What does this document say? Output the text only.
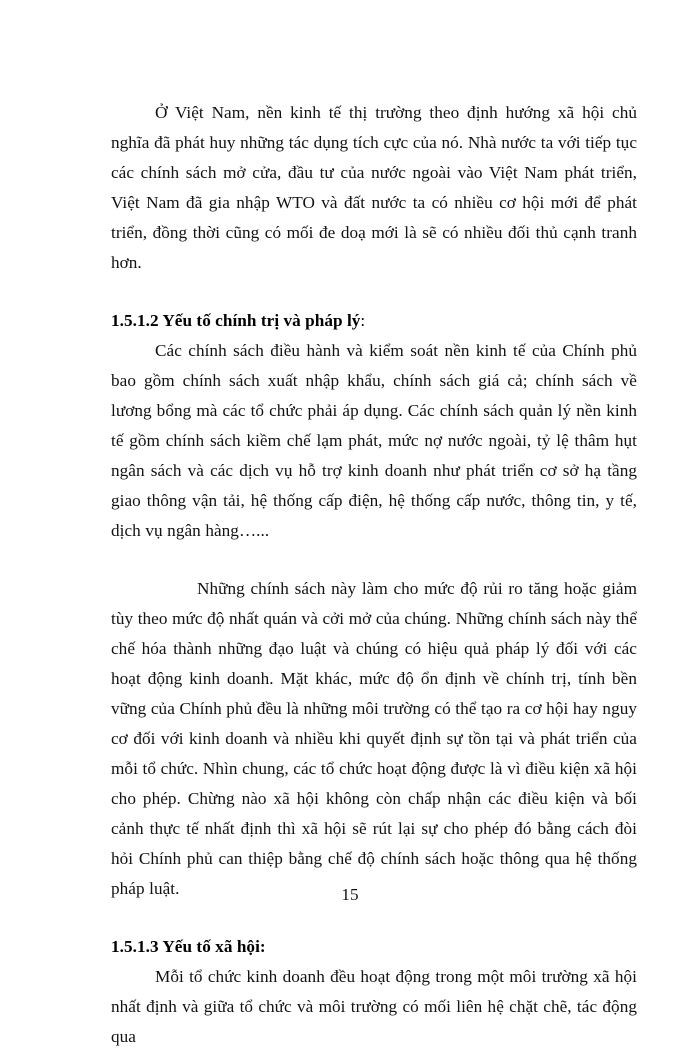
Ở Việt Nam, nền kinh tế thị trường theo định hướng xã hội chủ nghĩa đã phát huy những tác dụng tích cực của nó. Nhà nước ta với tiếp tục các chính sách mở cửa, đầu tư của nước ngoài vào Việt Nam phát triển, Việt Nam đã gia nhập WTO và đất nước ta có nhiều cơ hội mới để phát triển, đồng thời cũng có mối đe doạ mới là sẽ có nhiều đối thủ cạnh tranh hơn.

1.5.1.2 Yếu tố chính trị và pháp lý:

Các chính sách điều hành và kiểm soát nền kinh tế của Chính phủ bao gồm chính sách xuất nhập khẩu, chính sách giá cả; chính sách về lương bổng mà các tổ chức phải áp dụng. Các chính sách quản lý nền kinh tế gồm chính sách kiềm chế lạm phát, mức nợ nước ngoài, tỷ lệ thâm hụt ngân sách và các dịch vụ hỗ trợ kinh doanh như phát triển cơ sở hạ tầng giao thông vận tải, hệ thống cấp điện, hệ thống cấp nước, thông tin, y tế, dịch vụ ngân hàng…...

Những chính sách này làm cho mức độ rủi ro tăng hoặc giảm tùy theo mức độ nhất quán và cởi mở của chúng. Những chính sách này thể chế hóa thành những đạo luật và chúng có hiệu quả pháp lý đối với các hoạt động kinh doanh. Mặt khác, mức độ ổn định về chính trị, tính bền vững của Chính phủ đều là những môi trường có thể tạo ra cơ hội hay nguy cơ đối với kinh doanh và nhiều khi quyết định sự tồn tại và phát triển của mỗi tổ chức. Nhìn chung, các tổ chức hoạt động được là vì điều kiện xã hội cho phép. Chừng nào xã hội không còn chấp nhận các điều kiện và bối cảnh thực tế nhất định thì xã hội sẽ rút lại sự cho phép đó bằng cách đòi hỏi Chính phủ can thiệp bằng chế độ chính sách hoặc thông qua hệ thống pháp luật.

1.5.1.3 Yếu tố xã hội:

Mỗi tổ chức kinh doanh đều hoạt động trong một môi trường xã hội nhất định và giữa tổ chức và môi trường có mối liên hệ chặt chẽ, tác động qua

15
